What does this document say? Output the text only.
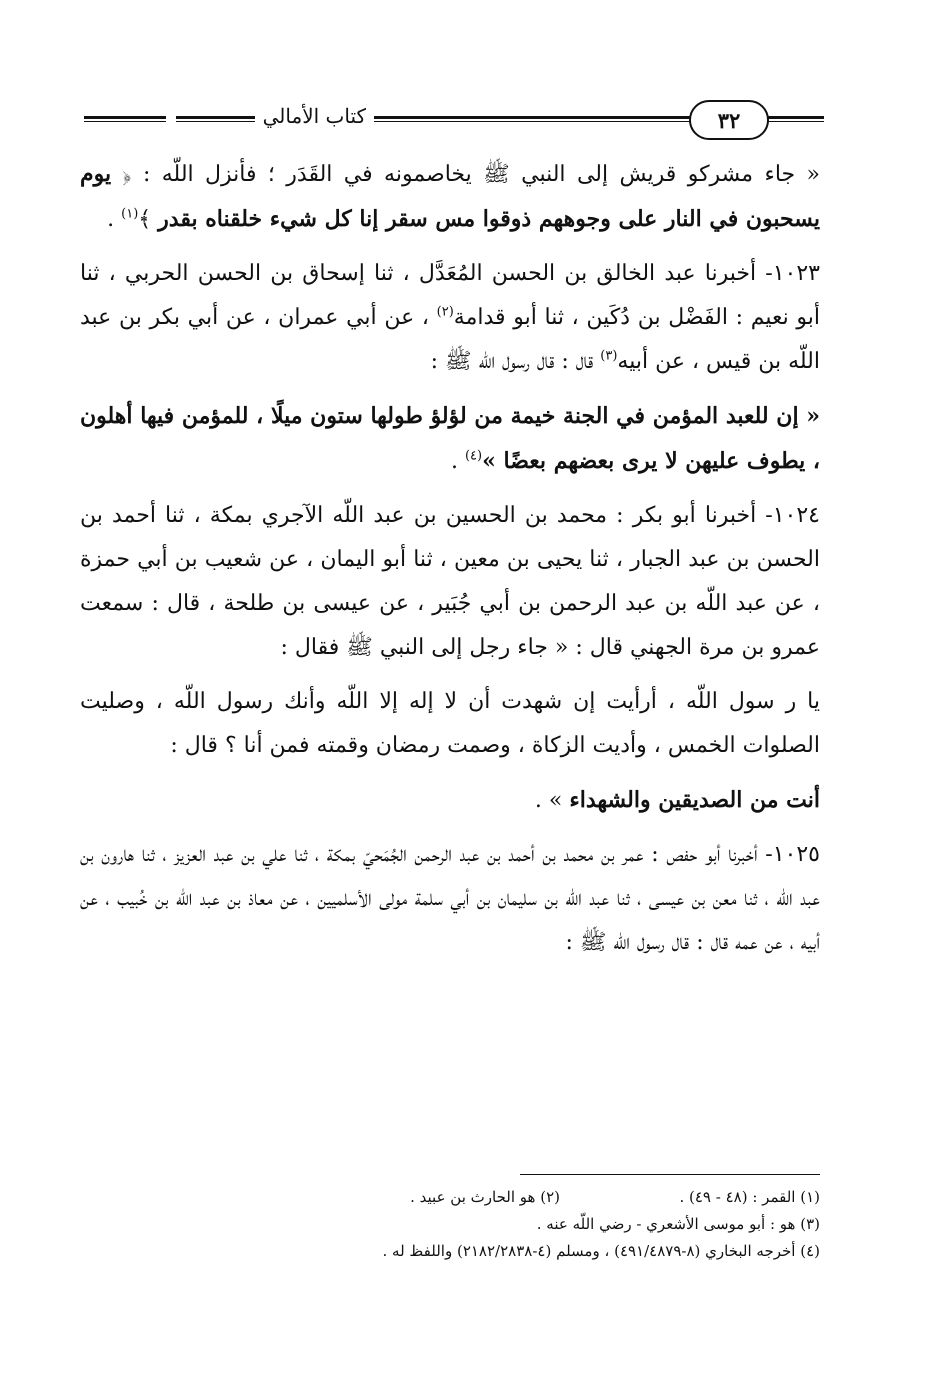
كتاب الأمالي	٣٢

« جاء مشركو قريش إلى النبي ﷺ يخاصمونه في القَدَر ؛ فأنزل اللّه : ﴿ يوم يسحبون في النار على وجوههم ذوقوا مس سقر إنا كل شيء خلقناه بقدر ﴾$^{(١)}$ .

١٠٢٣- أخبرنا عبد الخالق بن الحسن المُعَدَّل ، ثنا إسحاق بن الحسن الحربي ، ثنا أبو نعيم : الفَضْل بن دُكَين ، ثنا أبو قدامة$^{(٢)}$ ، عن أبي عمران ، عن أبي بكر بن عبد اللّه بن قيس ، عن أبيه$^{(٣)}$ قال : قال رسول اللّه ﷺ :

« إن للعبد المؤمن في الجنة خيمة من لؤلؤ طولها ستون ميلًا ، للمؤمن فيها أهلون ، يطوف عليهن لا يرى بعضهم بعضًا »$^{(٤)}$ .

١٠٢٤- أخبرنا أبو بكر : محمد بن الحسين بن عبد اللّه الآجري بمكة ، ثنا أحمد بن الحسن بن عبد الجبار ، ثنا يحيى بن معين ، ثنا أبو اليمان ، عن شعيب بن أبي حمزة ، عن عبد اللّه بن عبد الرحمن بن أبي جُبَير ، عن عيسى بن طلحة ، قال : سمعت عمرو بن مرة الجهني قال : « جاء رجل إلى النبي ﷺ فقال :

يا ر سول اللّه ، أرأيت إن شهدت أن لا إله إلا اللّه وأنك رسول اللّه ، وصليت الصلوات الخمس ، وأديت الزكاة ، وصمت رمضان وقمته فمن أنا ؟ قال :

أنت من الصديقين والشهداء » .

١٠٢٥- أخبرنا أبو حفص : عمر بن محمد بن أحمد بن عبد الرحمن الجُمَحيّ بمكة ، ثنا علي بن عبد العزيز ، ثنا هارون بن عبد اللّه ، ثنا معن بن عيسى ، ثنا عبد اللّه بن سليمان بن أبي سلمة مولى الأسلميين ، عن معاذ بن عبد اللّه بن خُبيب ، عن أبيه ، عن عمه قال : قال رسول اللّه ﷺ :

(١) القمر : (٤٨ - ٤٩) .
(٢) هو الحارث بن عبيد .
(٣) هو : أبو موسى الأشعري - رضي اللّه عنه .
(٤) أخرجه البخاري (٨-٤٩١/٤٨٧٩) ، ومسلم (٤-٢١٨٢/٢٨٣٨) واللفظ له .
